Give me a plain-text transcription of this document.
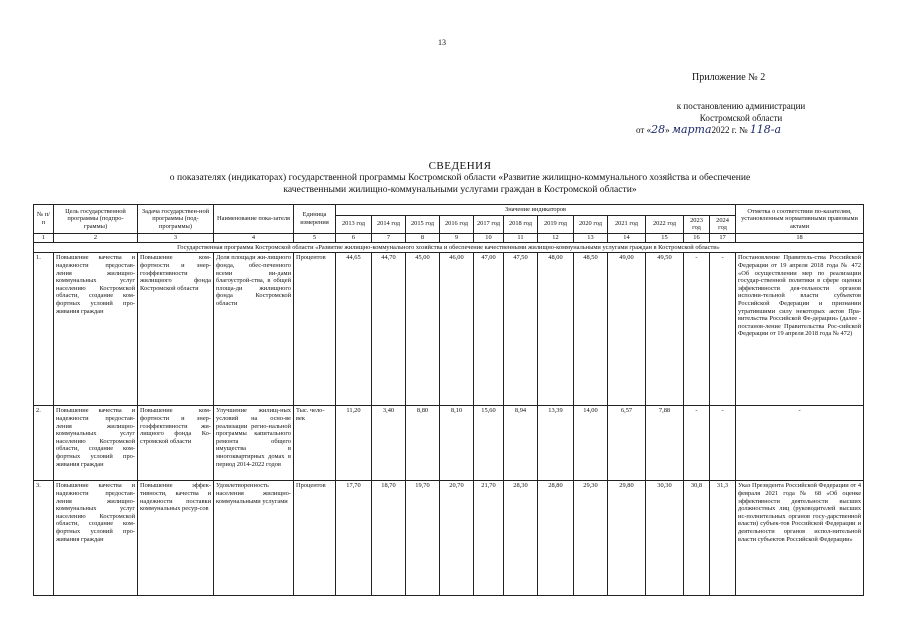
13
Приложение № 2
к постановлению администрации
Костромской области
от «28» марта2022 г. № 118-а
СВЕДЕНИЯ
о показателях (индикаторах) государственной программы Костромской области «Развитие жилищно-коммунального хозяйства и обеспечение
качественными жилищно-коммунальными услугами граждан в Костромской области»
№ п/п	Цель государственной программы (подпро-граммы)	Задача государствен-ной программы (под-программы)	Наименование пока-зателя	Единица измерения	Значение индикаторов												Отметка о соответствии по-казателям, установленным нормативными правовыми актами
					2013 год	2014 год	2015 год	2016 год	2017 год	2018 год	2019 год	2020 год	2021 год	2022 год	2023 год	2024 год	
1	2	3	4	5	6	7	8	9	10	11	12	13	14	15	16	17	18
Государственная программа Костромской области «Развитие жилищно-коммунального хозяйства и обеспечение качественными жилищно-коммунальными услугами граждан в Костромской области»																	
1.	Повышение качества и надежности предостав-ления жилищно-коммунальных услуг населению Костромской области, создание ком-фортных условий про-живания граждан	Повышение ком-фортности и энер-гоэффективности жилищного фонда Костромской области	Доля площади жи-лищного фонда, обес-печенного всеми ви-дами благоустрой-ства, в общей площа-ди жилищного фонда Костромской области	Процентов	44,65	44,70	45,00	46,00	47,00	47,50	48,00	48,50	49,00	49,50	-	-	Постановление Правитель-ства Российской Федерации от 19 апреля 2018 года № 472 «Об осуществлении мер по реализации государ-ственной политики в сфере оценки эффективности дея-тельности органов исполни-тельной власти субъектов Российской Федерации и признании утратившими силу некоторых актов Пра-вительства Российской Фе-дерации» (далее - постанов-ление Правительства Рос-сийской Федерации от 19 апреля 2018 года № 472)
2.	Повышение качества и надежности предостав-ления жилищно-коммунальных услуг населению Костромской области, создание ком-фортных условий про-живания граждан	Повышение ком-фортности и энер-гоэффективности жи-лищного фонда Ко-стромской области	Улучшение жилищ-ных условий на осно-ве реализации регио-нальной программы капитального ремонта общего имущества в многоквартирных домах в период 2014-2022 годов	Тыс. чело-век	11,20	3,40	8,80	8,10	15,60	8,94	13,39	14,00	6,57	7,88	-	-	-
3.	Повышение качества и надежности предостав-ления жилищно-коммунальных услуг населению Костромской области, создание ком-фортных условий про-живания граждан	Повышение эффек-тивности, качества и надежности поставки коммунальных ресур-сов	Удовлетворенность населения жилищно-коммунальными услугами	Процентов	17,70	18,70	19,70	20,70	21,70	28,30	28,80	29,30	29,80	30,30	30,8	31,3	Указ Президента Российской Федерации от 4 февраля 2021 года № 68 «Об оценке эффективности деятельности высших должностных лиц (руководителей высших ис-полнительных органов госу-дарственной власти) субъек-тов Российской Федерации и деятельности органов испол-нительной власти субъектов Российской Федерации»
